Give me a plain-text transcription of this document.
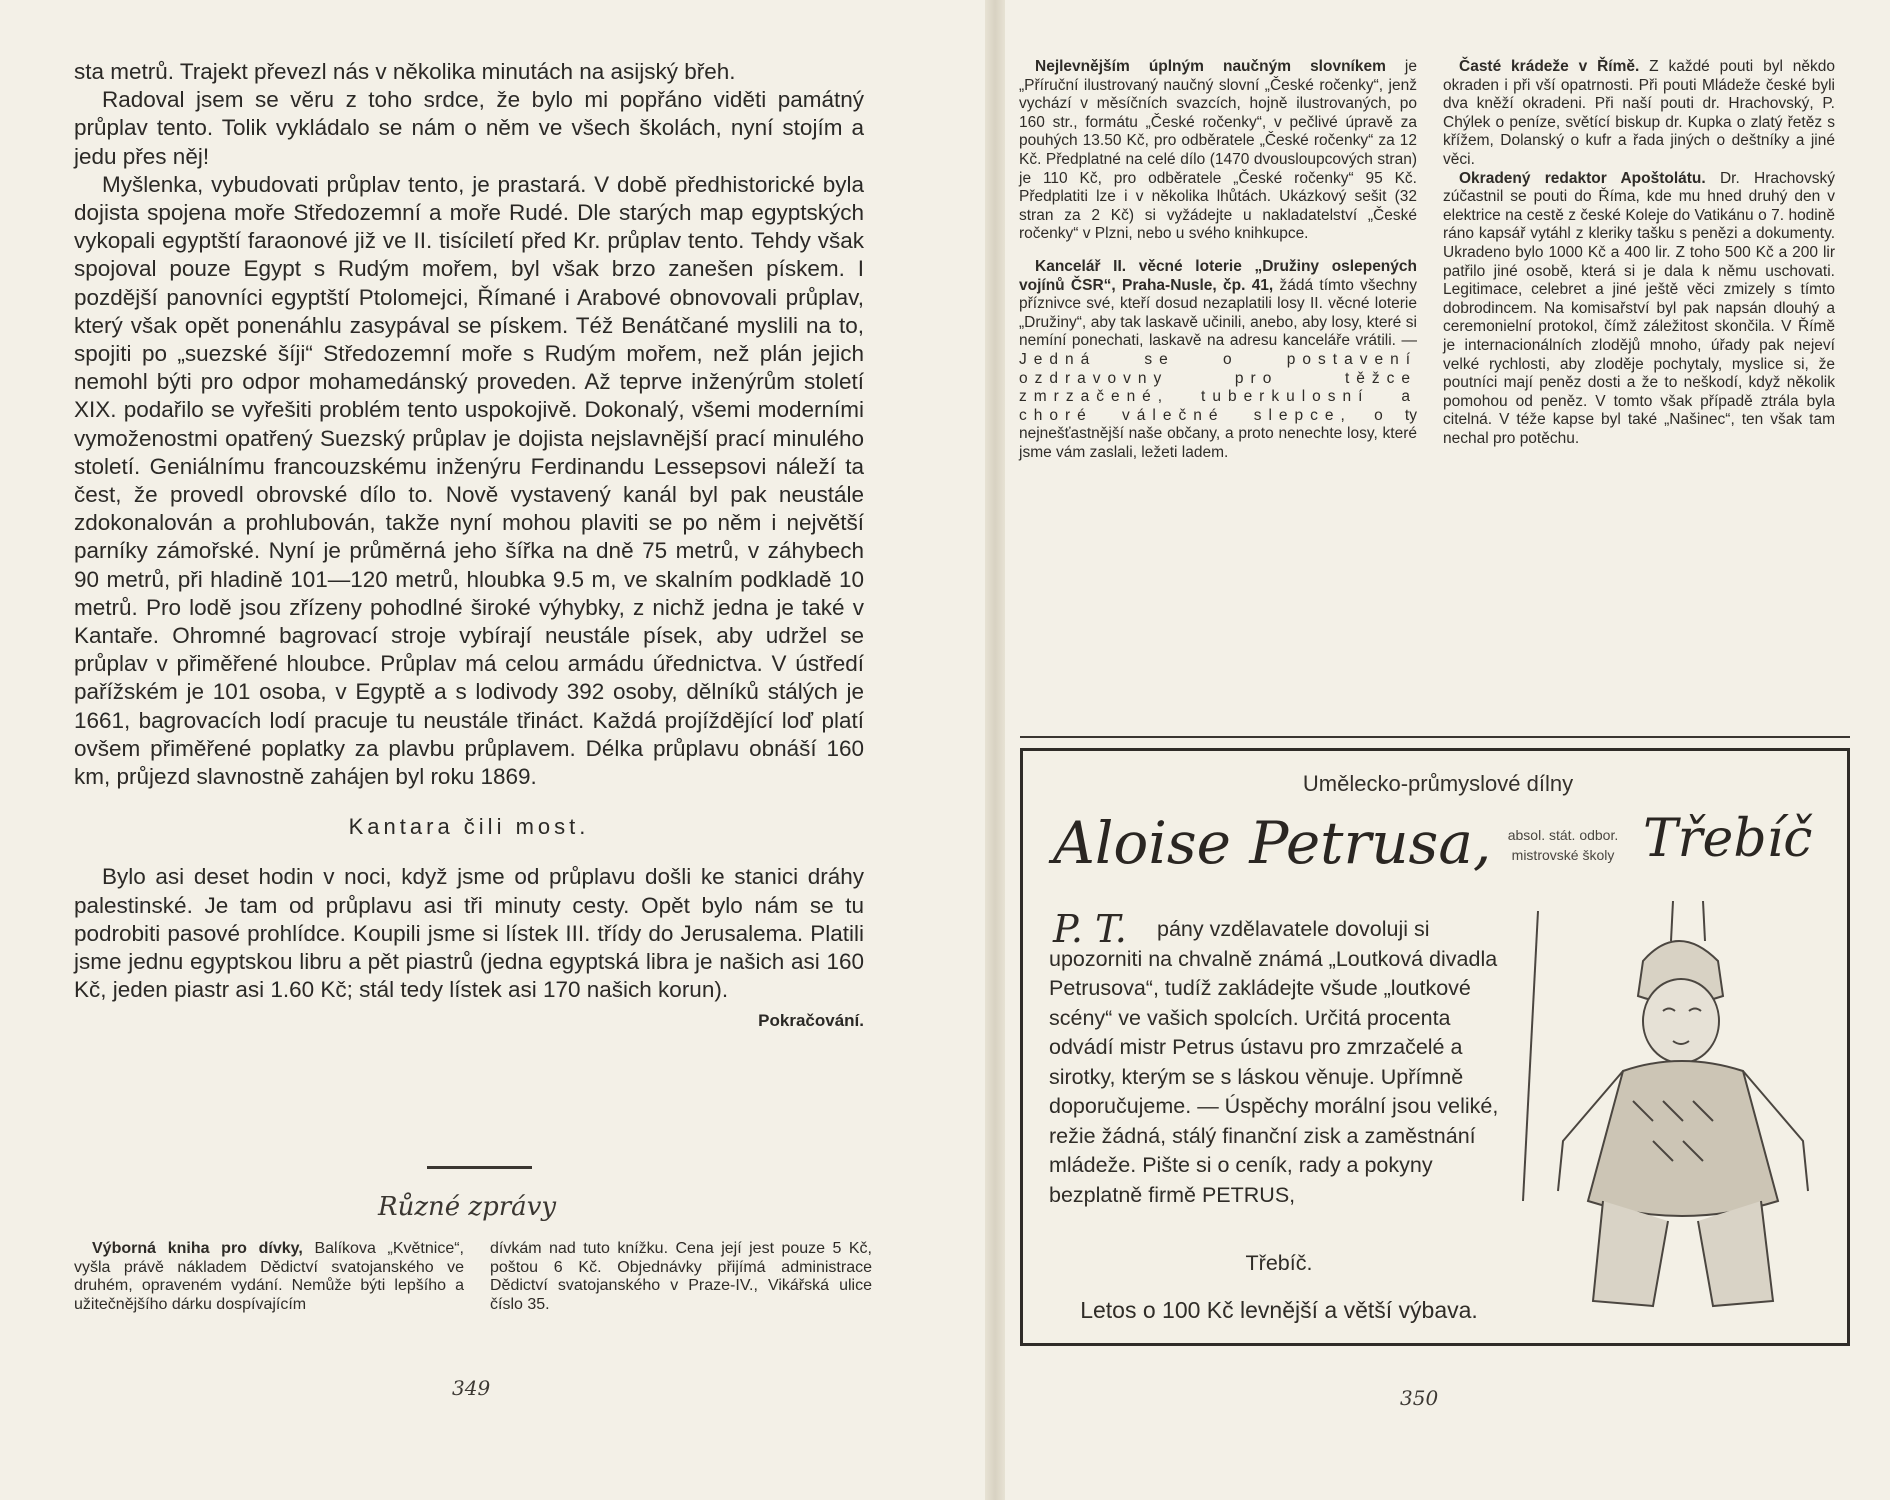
sta metrů. Trajekt převezl nás v několika minutách na asijský břeh.

Radoval jsem se věru z toho srdce, že bylo mi popřáno viděti památný průplav tento. Tolik vykládalo se nám o něm ve všech školách, nyní stojím a jedu přes něj!

Myšlenka, vybudovati průplav tento, je prastará. V době předhistorické byla dojista spojena moře Středozemní a moře Rudé. Dle starých map egyptských vykopali egyptští faraonové již ve II. tisíciletí před Kr. průplav tento. Tehdy však spojoval pouze Egypt s Rudým mořem, byl však brzo zanešen pískem. I pozdější panovníci egyptští Ptolomejci, Římané i Arabové obnovovali průplav, který však opět ponenáhlu zasypával se pískem. Též Benátčané myslili na to, spojiti po „suezské šíji“ Středozemní moře s Rudým mořem, než plán jejich nemohl býti pro odpor mohamedánský proveden. Až teprve inženýrům století XIX. podařilo se vyřešiti problém tento uspokojivě. Dokonalý, všemi moderními vymoženostmi opatřený Suezský průplav je dojista nejslavnější prací minulého století. Geniálnímu francouzskému inženýru Ferdinandu Lessepsovi náleží ta čest, že provedl obrovské dílo to. Nově vystavený kanál byl pak neustále zdokonalován a prohlubován, takže nyní mohou plaviti se po něm i největší parníky zámořské. Nyní je průměrná jeho šířka na dně 75 metrů, v záhybech 90 metrů, při hladině 101—120 metrů, hloubka 9.5 m, ve skalním podkladě 10 metrů. Pro lodě jsou zřízeny pohodlné široké výhybky, z nichž jedna je také v Kantaře. Ohromné bagrovací stroje vybírají neustále písek, aby udržel se průplav v přiměřené hloubce. Průplav má celou armádu úřednictva. V ústředí pařížském je 101 osoba, v Egyptě a s lodivody 392 osoby, dělníků stálých je 1661, bagrovacích lodí pracuje tu neustále třináct. Každá projíždějící loď platí ovšem přiměřené poplatky za plavbu průplavem. Délka průplavu obnáší 160 km, průjezd slavnostně zahájen byl roku 1869.

Kantara čili most.

Bylo asi deset hodin v noci, když jsme od průplavu došli ke stanici dráhy palestinské. Je tam od průplavu asi tři minuty cesty. Opět bylo nám se tu podrobiti pasové prohlídce. Koupili jsme si lístek III. třídy do Jerusalema. Platili jsme jednu egyptskou libru a pět piastrů (jedna egyptská libra je našich asi 160 Kč, jeden piastr asi 1.60 Kč; stál tedy lístek asi 170 našich korun).

Pokračování.

Různé zprávy

Výborná kniha pro dívky, Balíkova „Květnice“, vyšla právě nákladem Dědictví svatojanského ve druhém, opraveném vydání. Nemůže býti lepšího a užitečnějšího dárku dospívajícím

dívkám nad tuto knížku. Cena její jest pouze 5 Kč, poštou 6 Kč. Objednávky přijímá administrace Dědictví svatojanského v Praze-IV., Vikářská ulice číslo 35.

349

Nejlevnějším úplným naučným slovníkem je „Příruční ilustrovaný naučný slovní „České ročenky“, jenž vychází v měsíčních svazcích, hojně ilustrovaných, po 160 str., formátu „České ročenky“, v pečlivé úpravě za pouhých 13.50 Kč, pro odběratele „České ročenky“ za 12 Kč. Předplatné na celé dílo (1470 dvousloupcových stran) je 110 Kč, pro odběratele „České ročenky“ 95 Kč. Předplatiti lze i v několika lhůtách. Ukázkový sešit (32 stran za 2 Kč) si vyžádejte u nakladatelství „České ročenky“ v Plzni, nebo u svého knihkupce.

Kancelář II. věcné loterie „Družiny oslepených vojínů ČSR“, Praha-Nusle, čp. 41, žádá tímto všechny příznivce své, kteří dosud nezaplatili losy II. věcné loterie „Družiny“, aby tak laskavě učinili, anebo, aby losy, které si nemíní ponechati, laskavě na adresu kanceláře vrátili. — Jedná se o postavení ozdravovny pro těžce zmrzačené, tuberkulosní a choré válečné slepce, o ty nejnešťastnější naše občany, a proto nenechte losy, které jsme vám zaslali, ležeti ladem.

Časté krádeže v Římě. Z každé pouti byl někdo okraden i při vší opatrnosti. Při pouti Mládeže české byli dva kněží okradeni. Při naší pouti dr. Hrachovský, P. Chýlek o peníze, světící biskup dr. Kupka o zlatý řetěz s křížem, Dolanský o kufr a řada jiných o deštníky a jiné věci.

Okradený redaktor Apoštolátu. Dr. Hrachovský zúčastnil se pouti do Říma, kde mu hned druhý den v elektrice na cestě z české Koleje do Vatikánu o 7. hodině ráno kapsář vytáhl z kleriky tašku s penězi a dokumenty. Ukradeno bylo 1000 Kč a 400 lir. Z toho 500 Kč a 200 lir patřilo jiné osobě, která si je dala k němu uschovati. Legitimace, celebret a jiné ještě věci zmizely s tímto dobrodincem. Na komisařství byl pak napsán dlouhý a ceremonielní protokol, čímž záležitost skončila. V Římě je internacionálních zlodějů mnoho, úřady pak nejeví velké rychlosti, aby zloděje pochytaly, myslice si, že poutníci mají peněz dosti a že to neškodí, když několik pomohou od peněz. V tomto však případě ztrála byla citelná. V téže kapse byl také „Našinec“, ten však tam nechal pro potěchu.

Umělecko-průmyslové dílny
Aloise Petrusa,	absol. stát. odbor.
mistrovské školy Třebíč
P. T.	pány vzdělavatele dovoluji si upozorniti na chvalně známá „Loutková divadla Petrusova“, tudíž zakládejte všude „loutkové scény“ ve vašich spolcích. Určitá procenta odvádí mistr Petrus ústavu pro zmrzačelé a sirotky, kterým se s láskou věnuje. Upřímně doporučujeme. — Úspěchy morální jsou veliké, režie žádná, stálý finanční zisk a zaměstnání mládeže. Pište si o ceník, rady a pokyny bezplatně firmě PETRUS,
Třebíč.
Letos o 100 Kč levnější a větší výbava.
350
